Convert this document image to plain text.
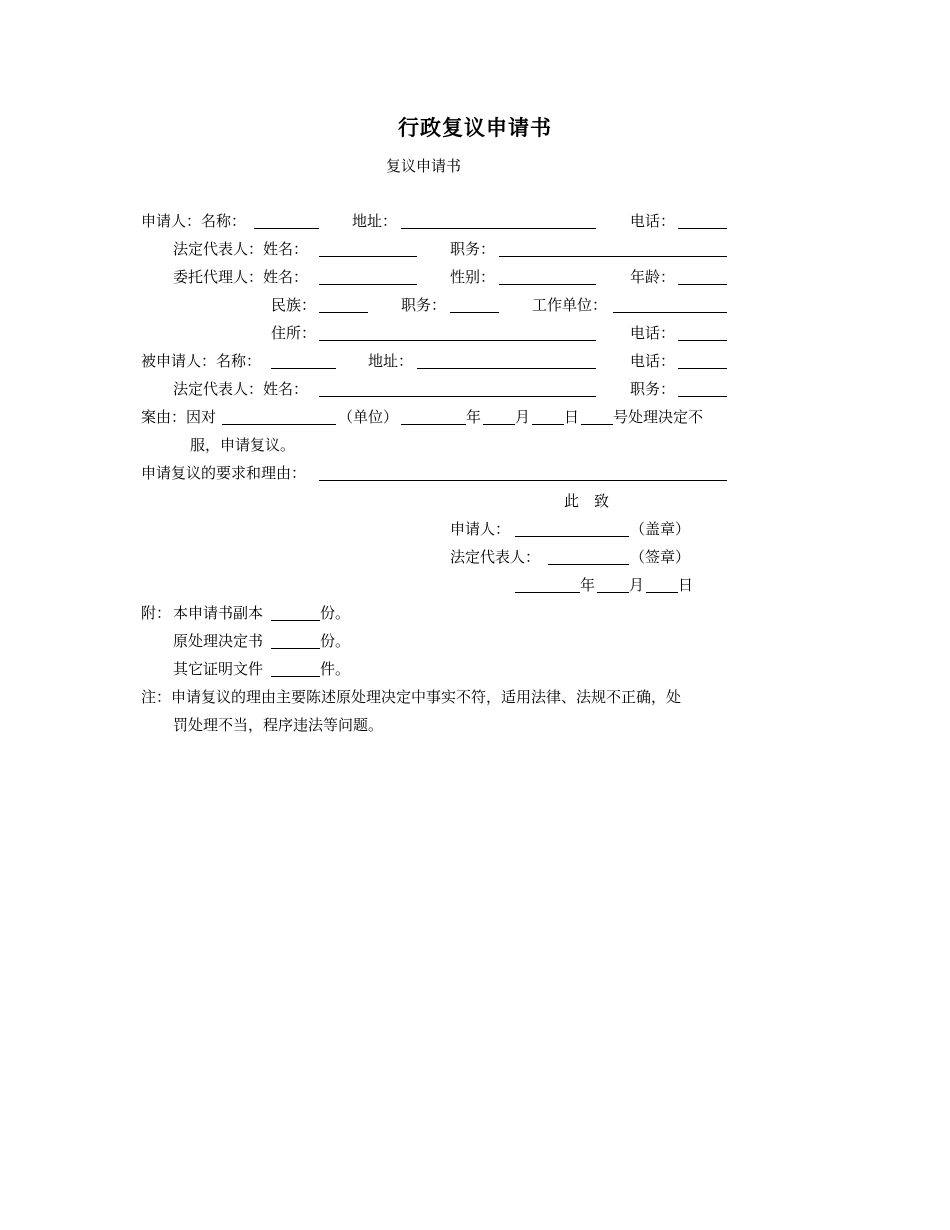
行政复议申请书
复议申请书
申请人：名称：	地址：	电话：
法定代表人：姓名：	职务：
委托代理人：姓名：	性别：	年龄：
民族：	职务：	工作单位：
住所：	电话：
被申请人：名称：	地址：	电话：
法定代表人：姓名：	职务：
案由：因对	（单位）	年 月 日 号处理决定不
服，申请复议。
申请复议的要求和理由：
此　致
申请人：	（盖章）
法定代表人：	（签章）
年 月 日
附： 本申请书副本	份。
原处理决定书	份。
其它证明文件	件。
注：申请复议的理由主要陈述原处理决定中事实不符，适用法律、法规不正确，处
罚处理不当，程序违法等问题。
